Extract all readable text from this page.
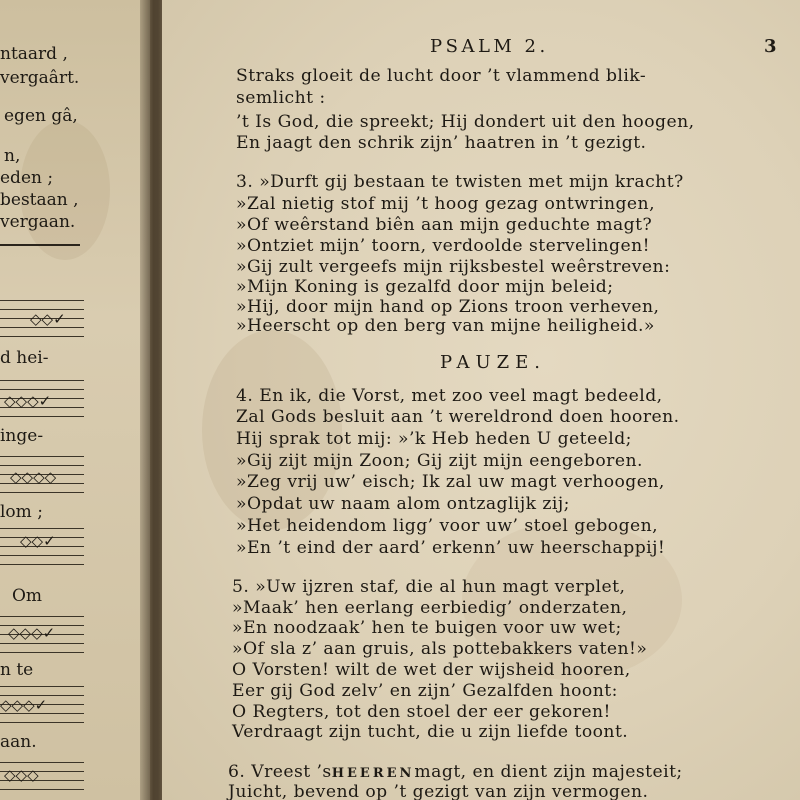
ntaard ,
vergaârt.
egen gâ,
n,
eden ;
bestaan ,
vergaan.
◇◇✓
d hei-
◇◇◇✓
inge-
◇◇◇◇
lom ;
◇◇✓
Om
◇◇◇✓
n te
◇◇◇✓
aan.
◇◇◇
PSALM 2.	3
Straks gloeit de lucht door ’t vlammend blik-
semlicht :
’t Is God, die spreekt; Hij dondert uit den hoogen,
En jaagt den schrik zijn’ haatren in ’t gezigt.
3. »Durft gij bestaan te twisten met mijn kracht?
»Zal nietig stof mij ’t hoog gezag ontwringen,
»Of weêrstand biên aan mijn geduchte magt?
»Ontziet mijn’ toorn, verdoolde stervelingen!
»Gij zult vergeefs mijn rijksbestel weêrstreven:
»Mijn Koning is gezalfd door mijn beleid;
»Hij, door mijn hand op Zions troon verheven,
»Heerscht op den berg van mijne heiligheid.»
PAUZE.
4. En ik, die Vorst, met zoo veel magt bedeeld,
Zal Gods besluit aan ’t wereldrond doen hooren.
Hij sprak tot mij: »’k Heb heden U geteeld;
»Gij zijt mijn Zoon; Gij zijt mijn eengeboren.
»Zeg vrij uw’ eisch; Ik zal uw magt verhoogen,
»Opdat uw naam alom ontzaglijk zij;
»Het heidendom ligg’ voor uw’ stoel gebogen,
»En ’t eind der aard’ erkenn’ uw heerschappij!
5. »Uw ijzren staf, die al hun magt verplet,
»Maak’ hen eerlang eerbiedig’ onderzaten,
»En noodzaak’ hen te buigen voor uw wet;
»Of sla z’ aan gruis, als pottebakkers vaten!»
O Vorsten! wilt de wet der wijsheid hooren,
Eer gij God zelv’ en zijn’ Gezalfden hoont:
O Regters, tot den stoel der eer gekoren!
Verdraagt zijn tucht, die u zijn liefde toont.
6. Vreest ’sHEERENmagt, en dient zijn majesteit;
Juicht, bevend op ’t gezigt van zijn vermogen.
